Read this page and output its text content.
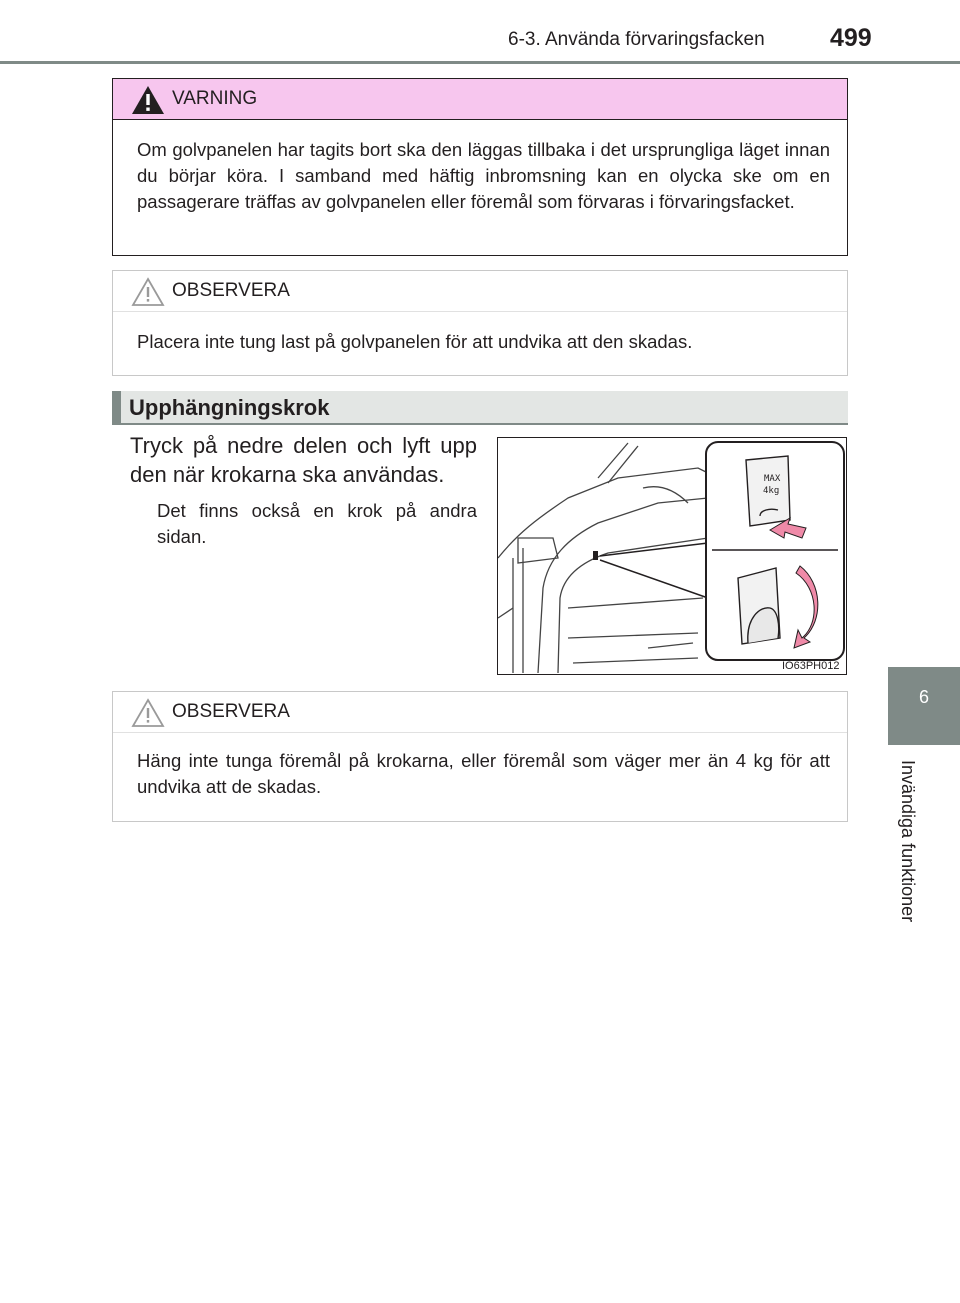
6-3. Använda förvaringsfacken	499
6
Invändiga funktioner
VARNING
Om golvpanelen har tagits bort ska den läggas tillbaka i det ursprungliga läget innan du börjar köra. I samband med häftig inbromsning kan en olycka ske om en passagerare träffas av golvpanelen eller föremål som förvaras i förvaringsfacket.
OBSERVERA
Placera inte tung last på golvpanelen för att undvika att den skadas.
Upphängningskrok
Tryck på nedre delen och lyft upp den när krokarna ska användas.
Det finns också en krok på andra sidan.
MAX
4kg
IO63PH012
OBSERVERA
Häng inte tunga föremål på krokarna, eller föremål som väger mer än 4 kg för att undvika att de skadas.
